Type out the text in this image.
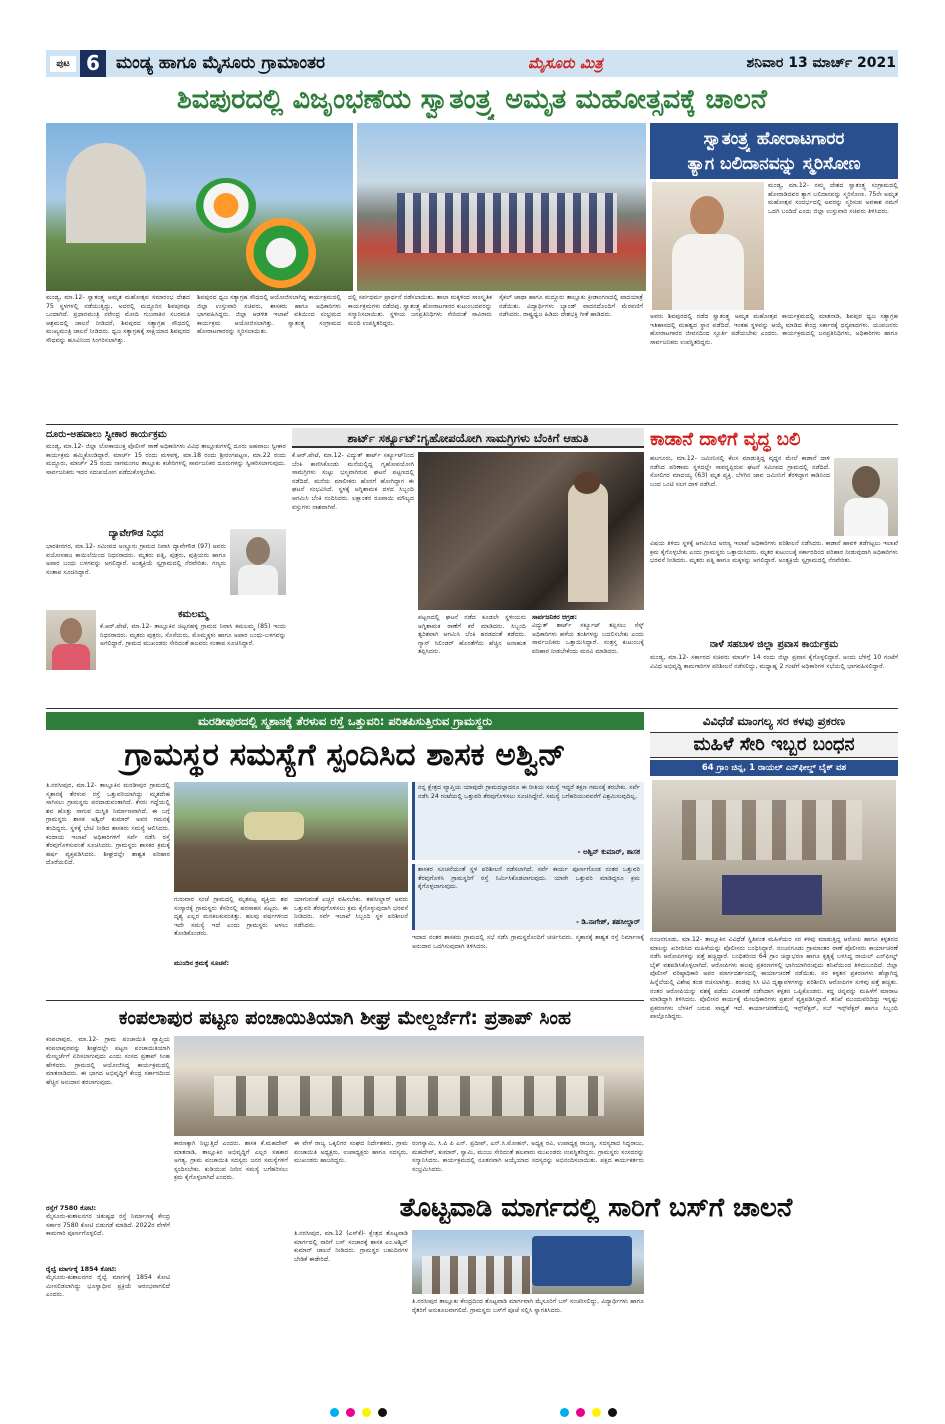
ಪುಟ 6 ಮಂಡ್ಯ ಹಾಗೂ ಮೈಸೂರು ಗ್ರಾಮಾಂತರ	ಮೈಸೂರು ಮಿತ್ರ	ಶನಿವಾರ 13 ಮಾರ್ಚ್ 2021
ಶಿವಪುರದಲ್ಲಿ ವಿಜೃಂಭಣೆಯ ಸ್ವಾತಂತ್ರ್ಯ ಅಮೃತ ಮಹೋತ್ಸವಕ್ಕೆ ಚಾಲನೆ
ಮಂಡ್ಯ, ಮಾ.12- ಸ್ವಾತಂತ್ರ್ಯ ಅಮೃತ ಮಹೋತ್ಸವ ಸಮಾರಂಭ ದೇಶದ 75 ಸ್ಥಳಗಳಲ್ಲಿ ನಡೆಯುತ್ತಿದ್ದು, ಅದರಲ್ಲಿ ಮದ್ದೂರಿನ ಶಿವಪುರವೂ ಒಂದಾಗಿದೆ. ಪ್ರಧಾನಮಂತ್ರಿ ನರೇಂದ್ರ ಮೋದಿ ಗುಜರಾತಿನ ಸಬರಮತಿ ಆಶ್ರಮದಲ್ಲಿ ಚಾಲನೆ ನೀಡಿದರೆ, ಶಿವಪುರದ ಸತ್ಯಾಗ್ರಹ ಸೌಧದಲ್ಲಿ ಮುಖ್ಯಮಂತ್ರಿ ಚಾಲನೆ ನೀಡಿದರು. ಧ್ವಜ ಸತ್ಯಾಗ್ರಹಕ್ಕೆ ಸಾಕ್ಷಿಯಾದ ಶಿವಪುರದ ಸೌಧವನ್ನು ಹೂವಿನಿಂದ ಸಿಂಗರಿಸಲಾಗಿತ್ತು.
ಶಿವಪುರದ ಧ್ವಜ ಸತ್ಯಾಗ್ರಹ ಸೌಧದಲ್ಲಿ ಆಯೋಜಿಸಲಾಗಿದ್ದ ಕಾರ್ಯಕ್ರಮದಲ್ಲಿ ಜಿಲ್ಲಾ ಉಸ್ತುವಾರಿ ಸಚಿವರು, ಶಾಸಕರು ಹಾಗೂ ಅಧಿಕಾರಿಗಳು ಭಾಗವಹಿಸಿದ್ದರು. ಜಿಲ್ಲಾ ಆಡಳಿತ ಇಲಾಖೆ ವತಿಯಿಂದ ಸಂಭ್ರಮದ ಕಾರ್ಯಕ್ರಮ ಆಯೋಜಿಸಲಾಗಿತ್ತು. ಸ್ವಾತಂತ್ರ್ಯ ಸಂಗ್ರಾಮದ ಹೋರಾಟಗಾರರನ್ನು ಸ್ಮರಿಸಲಾಯಿತು.
ದಲ್ಲಿ ಸರ್ವಧರ್ಮ ಪ್ರಾರ್ಥನೆ ನಡೆಸಲಾಯಿತು. ಶಾಲಾ ಮಕ್ಕಳಿಂದ ಸಾಂಸ್ಕೃತಿಕ ಕಾರ್ಯಕ್ರಮಗಳು ನಡೆದವು. ಸ್ವಾತಂತ್ರ್ಯ ಹೋರಾಟಗಾರರ ಕುಟುಂಬದವರನ್ನು ಸನ್ಮಾನಿಸಲಾಯಿತು. ಸ್ಥಳೀಯ ಜನಪ್ರತಿನಿಧಿಗಳು ಸೇರಿದಂತೆ ಸಾವಿರಾರು ಮಂದಿ ಉಪಸ್ಥಿತರಿದ್ದರು.
ಸೈಕಲ್ ಜಾಥಾ ಹಾಗೂ ಮದ್ದೂರು ತಾಲ್ಲೂಕು ಕ್ರೀಡಾಂಗಣದಲ್ಲಿ ಪಾದಯಾತ್ರೆ ನಡೆಯಿತು. ವಿದ್ಯಾರ್ಥಿಗಳು ಬ್ಯಾಂಡ್ ವಾದನದೊಂದಿಗೆ ಮೆರವಣಿಗೆ ನಡೆಸಿದರು. ರಾಷ್ಟ್ರಧ್ವಜ ಹಿಡಿದು ದೇಶಭಕ್ತಿ ಗೀತೆ ಹಾಡಿದರು.
ಸ್ವಾತಂತ್ರ್ಯ ಹೋರಾಟಗಾರರ
ತ್ಯಾಗ ಬಲಿದಾನವನ್ನು ಸ್ಮರಿಸೋಣ
ಮಂಡ್ಯ, ಮಾ.12- ನಮ್ಮ ದೇಶದ ಸ್ವಾತಂತ್ರ್ಯ ಸಂಗ್ರಾಮದಲ್ಲಿ ಹೋರಾಡಿದವರ ತ್ಯಾಗ ಬಲಿದಾನವನ್ನು ಸ್ಮರಿಸೋಣ. 75ನೇ ಅಮೃತ ಮಹೋತ್ಸವ ಸಂದರ್ಭದಲ್ಲಿ ಅವರನ್ನು ಸ್ಮರಿಸುವ ಅವಕಾಶ ನಮಗೆ ಒದಗಿ ಬಂದಿದೆ ಎಂದು ಜಿಲ್ಲಾ ಉಸ್ತುವಾರಿ ಸಚಿವರು ತಿಳಿಸಿದರು.
ಅವರು ಶಿವಪುರದಲ್ಲಿ ನಡೆದ ಸ್ವಾತಂತ್ರ್ಯ ಅಮೃತ ಮಹೋತ್ಸವ ಕಾರ್ಯಕ್ರಮದಲ್ಲಿ ಮಾತನಾಡಿ, ಶಿವಪುರ ಧ್ವಜ ಸತ್ಯಾಗ್ರಹ ಇತಿಹಾಸದಲ್ಲಿ ಮಹತ್ವದ ಸ್ಥಾನ ಪಡೆದಿದೆ. ಇಂತಹ ಸ್ಥಳವನ್ನು ಆಯ್ಕೆ ಮಾಡಿದ ಕೇಂದ್ರ ಸರ್ಕಾರಕ್ಕೆ ಧನ್ಯವಾದಗಳು. ಯುವಜನರು ಹೋರಾಟಗಾರರ ಜೀವನದಿಂದ ಸ್ಫೂರ್ತಿ ಪಡೆಯಬೇಕು ಎಂದರು. ಕಾರ್ಯಕ್ರಮದಲ್ಲಿ ಜನಪ್ರತಿನಿಧಿಗಳು, ಅಧಿಕಾರಿಗಳು ಹಾಗೂ ಸಾರ್ವಜನಿಕರು ಉಪಸ್ಥಿತರಿದ್ದರು.
ದೂರು-ಅಹವಾಲು ಸ್ವೀಕಾರ ಕಾರ್ಯಕ್ರಮ
ಮಂಡ್ಯ, ಮಾ.12- ಜಿಲ್ಲಾ ಲೋಕಾಯುಕ್ತ ಪೊಲೀಸ್ ಠಾಣೆ ಅಧಿಕಾರಿಗಳು ವಿವಿಧ ತಾಲ್ಲೂಕುಗಳಲ್ಲಿ ದೂರು ಅಹವಾಲು ಸ್ವೀಕಾರ ಕಾರ್ಯಕ್ರಮ ಹಮ್ಮಿಕೊಂಡಿದ್ದಾರೆ. ಮಾರ್ಚ್ 15 ರಂದು ಮಳವಳ್ಳಿ, ಮಾ.18 ರಂದು ಶ್ರೀರಂಗಪಟ್ಟಣ, ಮಾ.22 ರಂದು ಮದ್ದೂರು, ಮಾರ್ಚ್ 25 ರಂದು ನಾಗಮಂಗಲ ತಾಲ್ಲೂಕು ಕಚೇರಿಗಳಲ್ಲಿ ಸಾರ್ವಜನಿಕರ ದೂರುಗಳನ್ನು ಸ್ವೀಕರಿಸಲಾಗುವುದು. ಸಾರ್ವಜನಿಕರು ಇದರ ಸದುಪಯೋಗ ಪಡೆದುಕೊಳ್ಳಬೇಕು.
ದ್ಯಾವೇಗೌಡ ನಿಧನ
ಭಾರತೀನಗರ, ಮಾ.12- ಸಮೀಪದ ಅಣ್ಣೂರು ಗ್ರಾಮದ ನಿವಾಸಿ ದ್ಯಾವೇಗೌಡ (97) ಅವರು ವಯೋಸಹಜ ಕಾಯಿಲೆಯಿಂದ ನಿಧನರಾದರು. ಮೃತರು ಪತ್ನಿ, ಪುತ್ರರು, ಪುತ್ರಿಯರು ಹಾಗೂ ಅಪಾರ ಬಂಧು ಬಳಗವನ್ನು ಅಗಲಿದ್ದಾರೆ. ಅಂತ್ಯಕ್ರಿಯೆ ಸ್ವಗ್ರಾಮದಲ್ಲಿ ನೆರವೇರಿತು. ಗಣ್ಯರು ಸಂತಾಪ ಸೂಚಿಸಿದ್ದಾರೆ.
ಕಮಲಮ್ಮ
ಕೆ.ಆರ್.ಪೇಟೆ, ಮಾ.12- ತಾಲ್ಲೂಕಿನ ಚಿಟ್ಟನಹಳ್ಳಿ ಗ್ರಾಮದ ನಿವಾಸಿ ಕಮಲಮ್ಮ (85) ಇಂದು ನಿಧನರಾದರು. ಮೃತರು ಪುತ್ರರು, ಸೊಸೆಯರು, ಮೊಮ್ಮಕ್ಕಳು ಹಾಗೂ ಅಪಾರ ಬಂಧು-ಬಳಗವನ್ನು ಅಗಲಿದ್ದಾರೆ. ಗ್ರಾಮದ ಮುಖಂಡರು ಸೇರಿದಂತೆ ಹಲವರು ಸಂತಾಪ ಸೂಚಿಸಿದ್ದಾರೆ.
ಶಾರ್ಟ್ ಸರ್ಕ್ಯೂಟ್:ಗೃಹೋಪಯೋಗಿ ಸಾಮಗ್ರಿಗಳು ಬೆಂಕಿಗೆ ಆಹುತಿ
ಕೆ.ಆರ್.ಪೇಟೆ, ಮಾ.12- ವಿದ್ಯುತ್ ಶಾರ್ಟ್ ಸರ್ಕ್ಯೂಟ್‌ನಿಂದ ಬೆಂಕಿ ಕಾಣಿಸಿಕೊಂಡು ಮನೆಯಲ್ಲಿದ್ದ ಗೃಹೋಪಯೋಗಿ ಸಾಮಗ್ರಿಗಳು ಸುಟ್ಟು ಭಸ್ಮವಾಗಿರುವ ಘಟನೆ ಪಟ್ಟಣದಲ್ಲಿ ನಡೆದಿದೆ. ಮನೆಯ ಮಾಲೀಕರು ಹೊರಗೆ ಹೋಗಿದ್ದಾಗ ಈ ಘಟನೆ ಸಂಭವಿಸಿದೆ. ಸ್ಥಳಕ್ಕೆ ಅಗ್ನಿಶಾಮಕ ದಳದ ಸಿಬ್ಬಂದಿ ಆಗಮಿಸಿ ಬೆಂಕಿ ನಂದಿಸಿದರು. ಲಕ್ಷಾಂತರ ರೂಪಾಯಿ ಮೌಲ್ಯದ ವಸ್ತುಗಳು ನಾಶವಾಗಿವೆ.
ಪಟ್ಟಣದಲ್ಲಿ ಘಟನೆ ನಡೆದ ಕೂಡಲೇ ಸ್ಥಳೀಯರು ಅಗ್ನಿಶಾಮಕ ಠಾಣೆಗೆ ಕರೆ ಮಾಡಿದರು. ಸಿಬ್ಬಂದಿ ತ್ವರಿತವಾಗಿ ಆಗಮಿಸಿ ಬೆಂಕಿ ಹರಡದಂತೆ ತಡೆದರು. ಗ್ಯಾಸ್ ಸಿಲಿಂಡರ್ ಹೊರತೆಗೆದು ಹೆಚ್ಚಿನ ಅನಾಹುತ ತಪ್ಪಿಸಿದರು.
ಸಾರ್ವಜನಿಕರ ಆಗ್ರಹ:
ವಿದ್ಯುತ್ ಶಾರ್ಟ್ ಸರ್ಕ್ಯೂಟ್ ತಪ್ಪಿಸಲು ಸೆಸ್ಕ್ ಅಧಿಕಾರಿಗಳು ಹಳೆಯ ತಂತಿಗಳನ್ನು ಬದಲಿಸಬೇಕು ಎಂದು ಸಾರ್ವಜನಿಕರು ಒತ್ತಾಯಿಸಿದ್ದಾರೆ. ಸಂತ್ರಸ್ತ ಕುಟುಂಬಕ್ಕೆ ಪರಿಹಾರ ನೀಡಬೇಕೆಂದು ಮನವಿ ಮಾಡಿದರು.
ಕಾಡಾನೆ ದಾಳಿಗೆ ವೃದ್ಧ ಬಲಿ
ಹಲಗೂರು, ಮಾ.12- ಜಮೀನಿನಲ್ಲಿ ಕೆಲಸ ಮಾಡುತ್ತಿದ್ದ ವೃದ್ಧನ ಮೇಲೆ ಕಾಡಾನೆ ದಾಳಿ ನಡೆಸಿದ ಪರಿಣಾಮ ಸ್ಥಳದಲ್ಲೇ ಸಾವನ್ನಪ್ಪಿರುವ ಘಟನೆ ಸಮೀಪದ ಗ್ರಾಮದಲ್ಲಿ ನಡೆದಿದೆ. ಸೋಲಿಗರ ಮಾದಯ್ಯ (63) ಮೃತ ವ್ಯಕ್ತಿ. ಬೆಳಗಿನ ಜಾವ ಜಮೀನಿಗೆ ತೆರಳಿದ್ದಾಗ ಕಾಡಿನಿಂದ ಬಂದ ಒಂಟಿ ಸಲಗ ದಾಳಿ ನಡೆಸಿದೆ.
ವಿಷಯ ತಿಳಿದು ಸ್ಥಳಕ್ಕೆ ಆಗಮಿಸಿದ ಅರಣ್ಯ ಇಲಾಖೆ ಅಧಿಕಾರಿಗಳು ಪರಿಶೀಲನೆ ನಡೆಸಿದರು. ಕಾಡಾನೆ ಹಾವಳಿ ತಡೆಗಟ್ಟಲು ಇಲಾಖೆ ಕ್ರಮ ಕೈಗೊಳ್ಳಬೇಕು ಎಂದು ಗ್ರಾಮಸ್ಥರು ಒತ್ತಾಯಿಸಿದರು. ಮೃತರ ಕುಟುಂಬಕ್ಕೆ ಸರ್ಕಾರದಿಂದ ಪರಿಹಾರ ನೀಡುವುದಾಗಿ ಅಧಿಕಾರಿಗಳು ಭರವಸೆ ನೀಡಿದರು. ಮೃತರು ಪತ್ನಿ ಹಾಗೂ ಮಕ್ಕಳನ್ನು ಅಗಲಿದ್ದಾರೆ. ಅಂತ್ಯಕ್ರಿಯೆ ಸ್ವಗ್ರಾಮದಲ್ಲಿ ನೆರವೇರಿತು.
ನಾಳೆ ಸಹಬಾಳ ಜಿಲ್ಲಾ ಪ್ರವಾಸ ಕಾರ್ಯಕ್ರಮ
ಮಂಡ್ಯ, ಮಾ.12- ಸರ್ಕಾರದ ಸಚಿವರು ಮಾರ್ಚ್ 14 ರಂದು ಜಿಲ್ಲಾ ಪ್ರವಾಸ ಕೈಗೊಳ್ಳಲಿದ್ದಾರೆ. ಅಂದು ಬೆಳಿಗ್ಗೆ 10 ಗಂಟೆಗೆ ವಿವಿಧ ಅಭಿವೃದ್ಧಿ ಕಾಮಗಾರಿಗಳ ಪರಿಶೀಲನೆ ನಡೆಸಲಿದ್ದು, ಮಧ್ಯಾಹ್ನ 2 ಗಂಟೆಗೆ ಅಧಿಕಾರಿಗಳ ಸಭೆಯಲ್ಲಿ ಭಾಗವಹಿಸಲಿದ್ದಾರೆ.
ಮರಡೀಪುರದಲ್ಲಿ ಸ್ಮಶಾನಕ್ಕೆ ತೆರಳುವ ರಸ್ತೆ ಒತ್ತುವರಿ: ಪರಿತಪಿಸುತ್ತಿರುವ ಗ್ರಾಮಸ್ಥರು
ಗ್ರಾಮಸ್ಥರ ಸಮಸ್ಯೆಗೆ ಸ್ಪಂದಿಸಿದ ಶಾಸಕ ಅಶ್ವಿನ್
ತಿ.ನರಸೀಪುರ, ಮಾ.12- ತಾಲ್ಲೂಕಿನ ಮರಡೀಪುರ ಗ್ರಾಮದಲ್ಲಿ ಸ್ಮಶಾನಕ್ಕೆ ತೆರಳುವ ರಸ್ತೆ ಒತ್ತುವರಿಯಾಗಿದ್ದು ಮೃತದೇಹ ಸಾಗಿಸಲು ಗ್ರಾಮಸ್ಥರು ಪರದಾಡುವಂತಾಗಿದೆ. ಕೆಸರು ಗದ್ದೆಯಲ್ಲಿ ಶವ ಹೊತ್ತು ಸಾಗುವ ದುಸ್ಥಿತಿ ನಿರ್ಮಾಣವಾಗಿದೆ. ಈ ಬಗ್ಗೆ ಗ್ರಾಮಸ್ಥರು ಶಾಸಕ ಅಶ್ವಿನ್ ಕುಮಾರ್ ಅವರ ಗಮನಕ್ಕೆ ತಂದಿದ್ದರು. ಸ್ಥಳಕ್ಕೆ ಭೇಟಿ ನೀಡಿದ ಶಾಸಕರು ಸಮಸ್ಯೆ ಆಲಿಸಿದರು. ಕಂದಾಯ ಇಲಾಖೆ ಅಧಿಕಾರಿಗಳಿಗೆ ಸರ್ವೆ ನಡೆಸಿ ರಸ್ತೆ ತೆರವುಗೊಳಿಸುವಂತೆ ಸೂಚಿಸಿದರು. ಗ್ರಾಮಸ್ಥರು ಶಾಸಕರ ಕ್ರಮಕ್ಕೆ ಹರ್ಷ ವ್ಯಕ್ತಪಡಿಸಿದರು. ಶೀಘ್ರದಲ್ಲೇ ಶಾಶ್ವತ ಪರಿಹಾರ ದೊರೆಯಲಿದೆ.
ಗುರುವಾರ ಸಂಜೆ ಗ್ರಾಮದಲ್ಲಿ ಮೃತಪಟ್ಟ ವ್ಯಕ್ತಿಯ ಶವ ಸಂಸ್ಕಾರಕ್ಕೆ ಗ್ರಾಮಸ್ಥರು ಕೆಸರಿನಲ್ಲಿ ಹರಸಾಹಸ ಪಟ್ಟರು. ಈ ದೃಶ್ಯ ಎಲ್ಲರ ಮನಕಲಕುವಂತಿತ್ತು. ಹಲವು ವರ್ಷಗಳಿಂದ ಇದೇ ಸಮಸ್ಯೆ ಇದೆ ಎಂದು ಗ್ರಾಮಸ್ಥರು ಅಳಲು ತೋಡಿಕೊಂಡರು.
ಮುಂದಿನ ಕ್ರಮಕ್ಕೆ ಸೂಚನೆ:
ಯಾಗುವಂತೆ ಎಚ್ಚರ ವಹಿಸಬೇಕು. ತಹಸೀಲ್ದಾರ್ ಅವರು ಒತ್ತುವರಿ ತೆರವುಗೊಳಿಸಲು ಕ್ರಮ ಕೈಗೊಳ್ಳುವುದಾಗಿ ಭರವಸೆ ನೀಡಿದರು. ಸರ್ವೆ ಇಲಾಖೆ ಸಿಬ್ಬಂದಿ ಸ್ಥಳ ಪರಿಶೀಲನೆ ನಡೆಸಿದರು.
ನನ್ನ ಕ್ಷೇತ್ರದ ವ್ಯಾಪ್ತಿಯ ಯಾವುದೇ ಗ್ರಾಮದಲ್ಲಾದರೂ ಈ ರೀತಿಯ ಸಮಸ್ಯೆ ಇದ್ದರೆ ತಕ್ಷಣ ಗಮನಕ್ಕೆ ತರಬೇಕು. ಸರ್ವೆ ನಡೆಸಿ 24 ಗಂಟೆಯಲ್ಲಿ ಒತ್ತುವರಿ ತೆರವುಗೊಳಿಸಲು ಸೂಚಿಸಿದ್ದೇನೆ. ಸಮಸ್ಯೆ ಬಗೆಹರಿಯುವವರೆಗೆ ವಿಶ್ರಮಿಸುವುದಿಲ್ಲ.
- ಅಶ್ವಿನ್ ಕುಮಾರ್, ಶಾಸಕ
ಶಾಸಕರ ಸೂಚನೆಯಂತೆ ಸ್ಥಳ ಪರಿಶೀಲನೆ ನಡೆಸಲಾಗಿದೆ. ಸರ್ವೆ ಕಾರ್ಯ ಪೂರ್ಣಗೊಂಡ ನಂತರ ಒತ್ತುವರಿ ತೆರವುಗೊಳಿಸಿ ಗ್ರಾಮಸ್ಥರಿಗೆ ರಸ್ತೆ ನಿರ್ಮಿಸಿಕೊಡಲಾಗುವುದು. ಯಾರೇ ಒತ್ತುವರಿ ಮಾಡಿದ್ದರೂ ಕ್ರಮ ಕೈಗೊಳ್ಳಲಾಗುವುದು.
- ಡಿ.ನಾಗೇಶ್, ತಹಸೀಲ್ದಾರ್
ಇದಾದ ನಂತರ ಶಾಸಕರು ಗ್ರಾಮದಲ್ಲಿ ಸಭೆ ನಡೆಸಿ ಗ್ರಾಮಸ್ಥರೊಂದಿಗೆ ಚರ್ಚಿಸಿದರು. ಸ್ಮಶಾನಕ್ಕೆ ಶಾಶ್ವತ ರಸ್ತೆ ನಿರ್ಮಾಣಕ್ಕೆ ಅನುದಾನ ಒದಗಿಸುವುದಾಗಿ ತಿಳಿಸಿದರು.
ವಿವಿಧೆಡೆ ಮಾಂಗಲ್ಯ ಸರ ಕಳವು ಪ್ರಕರಣ
ಮಹಿಳೆ ಸೇರಿ ಇಬ್ಬರ ಬಂಧನ
64 ಗ್ರಾಂ ಚಿನ್ನ, 1 ರಾಯಲ್ ಎನ್‌ಫೀಲ್ಡ್ ಬೈಕ್ ವಶ
ನಂಜನಗೂಡು, ಮಾ.12- ತಾಲ್ಲೂಕಿನ ವಿವಿಧೆಡೆ ಸ್ಥಿತಿವಂತ ಮಹಿಳೆಯರ ಸರ ಕಳವು ಮಾಡುತ್ತಿದ್ದ ಆರೋಪಿ ಹಾಗೂ ಕಳ್ಳತನದ ಮಾಲನ್ನು ಖರೀದಿಸಿದ ಮಹಿಳೆಯನ್ನು ಪೊಲೀಸರು ಬಂಧಿಸಿದ್ದಾರೆ. ನಂಜನಗೂಡು ಗ್ರಾಮಾಂತರ ಠಾಣೆ ಪೊಲೀಸರು ಕಾರ್ಯಾಚರಣೆ ನಡೆಸಿ ಆರೋಪಿಗಳನ್ನು ಪತ್ತೆ ಹಚ್ಚಿದ್ದಾರೆ. ಬಂಧಿತರಿಂದ 64 ಗ್ರಾಂ ಚಿನ್ನಾಭರಣ ಹಾಗೂ ಕೃತ್ಯಕ್ಕೆ ಬಳಸಿದ್ದ ರಾಯಲ್ ಎನ್‌ಫೀಲ್ಡ್ ಬೈಕ್ ವಶಪಡಿಸಿಕೊಳ್ಳಲಾಗಿದೆ. ಆರೋಪಿಗಳು ಹಲವು ಪ್ರಕರಣಗಳಲ್ಲಿ ಭಾಗಿಯಾಗಿರುವುದು ತನಿಖೆಯಿಂದ ತಿಳಿದುಬಂದಿದೆ. ಜಿಲ್ಲಾ ಪೊಲೀಸ್ ವರಿಷ್ಠಾಧಿಕಾರಿ ಅವರ ಮಾರ್ಗದರ್ಶನದಲ್ಲಿ ಕಾರ್ಯಾಚರಣೆ ನಡೆಯಿತು. ಸರ ಕಳ್ಳತನ ಪ್ರಕರಣಗಳು ಹೆಚ್ಚಾಗಿದ್ದ ಹಿನ್ನೆಲೆಯಲ್ಲಿ ವಿಶೇಷ ತಂಡ ರಚಿಸಲಾಗಿತ್ತು. ತಂಡವು ಸಿಸಿ ಟಿವಿ ದೃಶ್ಯಾವಳಿಗಳನ್ನು ಪರಿಶೀಲಿಸಿ ಆರೋಪಿಗಳ ಸುಳಿವು ಪತ್ತೆ ಹಚ್ಚಿತು. ನಂತರ ಆರೋಪಿಯನ್ನು ವಶಕ್ಕೆ ಪಡೆದು ವಿಚಾರಣೆ ನಡೆಸಿದಾಗ ಕಳ್ಳತನ ಒಪ್ಪಿಕೊಂಡನು. ಕದ್ದ ಚಿನ್ನವನ್ನು ಮಹಿಳೆಗೆ ಮಾರಾಟ ಮಾಡಿದ್ದಾಗಿ ತಿಳಿಸಿದನು. ಪೊಲೀಸರ ಕಾರ್ಯಕ್ಕೆ ಮೇಲಧಿಕಾರಿಗಳು ಪ್ರಶಂಸೆ ವ್ಯಕ್ತಪಡಿಸಿದ್ದಾರೆ. ತನಿಖೆ ಮುಂದುವರಿದಿದ್ದು ಇನ್ನಷ್ಟು ಪ್ರಕರಣಗಳು ಬೆಳಕಿಗೆ ಬರುವ ಸಾಧ್ಯತೆ ಇದೆ. ಕಾರ್ಯಾಚರಣೆಯಲ್ಲಿ ಇನ್ಸ್‌ಪೆಕ್ಟರ್, ಸಬ್ ಇನ್ಸ್‌ಪೆಕ್ಟರ್ ಹಾಗೂ ಸಿಬ್ಬಂದಿ ಪಾಲ್ಗೊಂಡಿದ್ದರು.
ಕಂಪಲಾಪುರ ಪಟ್ಟಣ ಪಂಚಾಯಿತಿಯಾಗಿ ಶೀಘ್ರ ಮೇಲ್ದರ್ಜೆಗೆ: ಪ್ರತಾಪ್ ಸಿಂಹ
ಕಂಪಲಾಪುರ, ಮಾ.12- ಗ್ರಾಮ ಪಂಚಾಯಿತಿ ವ್ಯಾಪ್ತಿಯ ಕಂಪಲಾಪುರವನ್ನು ಶೀಘ್ರದಲ್ಲೇ ಪಟ್ಟಣ ಪಂಚಾಯಿತಿಯಾಗಿ ಮೇಲ್ದರ್ಜೆಗೆ ಏರಿಸಲಾಗುವುದು ಎಂದು ಸಂಸದ ಪ್ರತಾಪ್ ಸಿಂಹ ಹೇಳಿದರು. ಗ್ರಾಮದಲ್ಲಿ ಆಯೋಜಿಸಿದ್ದ ಕಾರ್ಯಕ್ರಮದಲ್ಲಿ ಮಾತನಾಡಿದರು. ಈ ಭಾಗದ ಅಭಿವೃದ್ಧಿಗೆ ಕೇಂದ್ರ ಸರ್ಕಾರದಿಂದ ಹೆಚ್ಚಿನ ಅನುದಾನ ತರಲಾಗುವುದು.
ರಸ್ತೆಗೆ 7580 ಕೋಟಿ:
ಮೈಸೂರು-ಕುಶಾಲನಗರ ಚತುಷ್ಪಥ ರಸ್ತೆ ನಿರ್ಮಾಣಕ್ಕೆ ಕೇಂದ್ರ ಸರ್ಕಾರ 7580 ಕೋಟಿ ಬಿಡುಗಡೆ ಮಾಡಿದೆ. 2022ರ ವೇಳೆಗೆ ಕಾಮಗಾರಿ ಪೂರ್ಣಗೊಳ್ಳಲಿದೆ.
ರೈಲ್ವೆ ಮಾರ್ಗಕ್ಕೆ 1854 ಕೋಟಿ:
ಮೈಸೂರು-ಕುಶಾಲನಗರ ರೈಲ್ವೆ ಮಾರ್ಗಕ್ಕೆ 1854 ಕೋಟಿ ಮೀಸಲಿಡಲಾಗಿದ್ದು ಭೂಸ್ವಾಧೀನ ಪ್ರಕ್ರಿಯೆ ಆರಂಭವಾಗಲಿದೆ ಎಂದರು.
ಕಾರಣಕ್ಕಾಗಿ ನಿಲ್ಲುತ್ತಿದೆ ಎಂದರು. ಶಾಸಕ ಕೆ.ಮಹದೇವ್ ಮಾತನಾಡಿ, ತಾಲ್ಲೂಕಿನ ಅಭಿವೃದ್ಧಿಗೆ ಎಲ್ಲರ ಸಹಕಾರ ಅಗತ್ಯ. ಗ್ರಾಮ ಪಂಚಾಯಿತಿ ಸದಸ್ಯರು ಜನರ ಸಮಸ್ಯೆಗಳಿಗೆ ಸ್ಪಂದಿಸಬೇಕು. ಕುಡಿಯುವ ನೀರಿನ ಸಮಸ್ಯೆ ಬಗೆಹರಿಸಲು ಕ್ರಮ ಕೈಗೊಳ್ಳಲಾಗಿದೆ ಎಂದರು.
ಈ ವೇಳೆ ರಾಜ್ಯ ಒಕ್ಕಲಿಗರ ಸಂಘದ ನಿರ್ದೇಶಕರು, ಗ್ರಾಮ ಪಂಚಾಯಿತಿ ಅಧ್ಯಕ್ಷರು, ಉಪಾಧ್ಯಕ್ಷರು ಹಾಗೂ ಸದಸ್ಯರು, ಮುಖಂಡರು ಹಾಜರಿದ್ದರು.
ರಂಗಸ್ವಾಮಿ, ಸಿ.ಪಿ ಪಿ ಎನ್. ಪ್ರದೀಪ್, ಎನ್.ಸಿ.ಮೋಹನ್, ಅಧ್ಯಕ್ಷ ರವಿ, ಉಪಾಧ್ಯಕ್ಷ ರಾಜಣ್ಣ, ಸದಸ್ಯರಾದ ಸಿದ್ದರಾಜು, ಮಹದೇವ್, ಕುಮಾರ್, ಸ್ವಾಮಿ, ಮಂಜು ಸೇರಿದಂತೆ ಹಲವಾರು ಮುಖಂಡರು ಉಪಸ್ಥಿತರಿದ್ದರು. ಗ್ರಾಮಸ್ಥರು ಸಂಸದರನ್ನು ಸನ್ಮಾನಿಸಿದರು. ಕಾರ್ಯಕ್ರಮದಲ್ಲಿ ನೂತನವಾಗಿ ಆಯ್ಕೆಯಾದ ಸದಸ್ಯರನ್ನು ಅಭಿನಂದಿಸಲಾಯಿತು. ಪಕ್ಷದ ಕಾರ್ಯಕರ್ತರು ಸಂಭ್ರಮಿಸಿದರು.
ತೊಟ್ಟವಾಡಿ ಮಾರ್ಗದಲ್ಲಿ ಸಾರಿಗೆ ಬಸ್‌ಗೆ ಚಾಲನೆ
ತಿ.ನರಸೀಪುರ, ಮಾ.12 (ಎಸ್‌ಕೆ)- ಕ್ಷೇತ್ರದ ತೊಟ್ಟವಾಡಿ ಮಾರ್ಗದಲ್ಲಿ ಸಾರಿಗೆ ಬಸ್ ಸಂಚಾರಕ್ಕೆ ಶಾಸಕ ಎಂ.ಅಶ್ವಿನ್ ಕುಮಾರ್ ಚಾಲನೆ ನೀಡಿದರು. ಗ್ರಾಮಸ್ಥರ ಬಹುದಿನಗಳ ಬೇಡಿಕೆ ಈಡೇರಿದೆ.
ತಿ.ನರಸೀಪುರ ತಾಲ್ಲೂಕು ಕೇಂದ್ರದಿಂದ ತೊಟ್ಟವಾಡಿ ಮಾರ್ಗವಾಗಿ ಮೈಸೂರಿಗೆ ಬಸ್ ಸಂಚರಿಸಲಿದ್ದು, ವಿದ್ಯಾರ್ಥಿಗಳು ಹಾಗೂ ರೈತರಿಗೆ ಅನುಕೂಲವಾಗಲಿದೆ. ಗ್ರಾಮಸ್ಥರು ಬಸ್‌ಗೆ ಪೂಜೆ ಸಲ್ಲಿಸಿ ಸ್ವಾಗತಿಸಿದರು.
